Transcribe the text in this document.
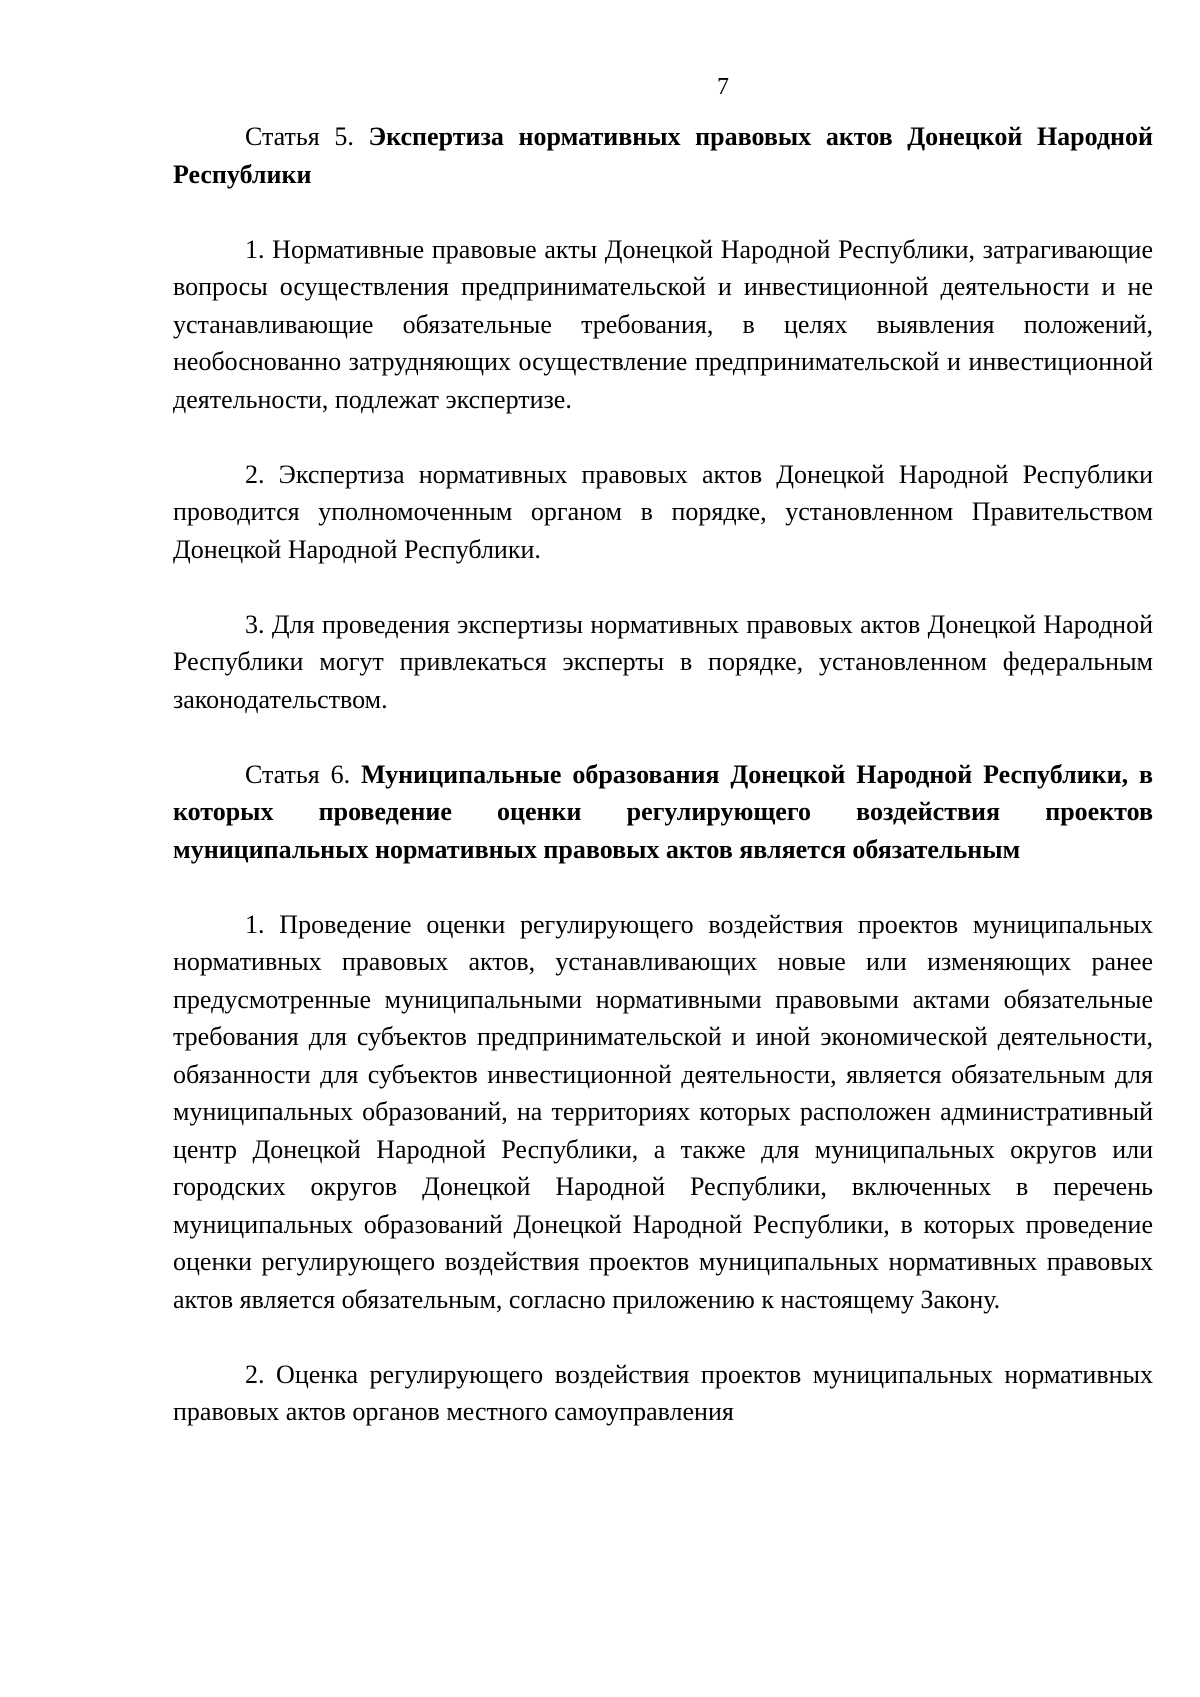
7

Статья 5. Экспертиза нормативных правовых актов Донецкой Народной Республики

1. Нормативные правовые акты Донецкой Народной Республики, затрагивающие вопросы осуществления предпринимательской и инвестиционной деятельности и не устанавливающие обязательные требования, в целях выявления положений, необоснованно затрудняющих осуществление предпринимательской и инвестиционной деятельности, подлежат экспертизе.

2. Экспертиза нормативных правовых актов Донецкой Народной Республики проводится уполномоченным органом в порядке, установленном Правительством Донецкой Народной Республики.

3. Для проведения экспертизы нормативных правовых актов Донецкой Народной Республики могут привлекаться эксперты в порядке, установленном федеральным законодательством.

Статья 6. Муниципальные образования Донецкой Народной Республики, в которых проведение оценки регулирующего воздействия проектов муниципальных нормативных правовых актов является обязательным

1. Проведение оценки регулирующего воздействия проектов муниципальных нормативных правовых актов, устанавливающих новые или изменяющих ранее предусмотренные муниципальными нормативными правовыми актами обязательные требования для субъектов предпринимательской и иной экономической деятельности, обязанности для субъектов инвестиционной деятельности, является обязательным для муниципальных образований, на территориях которых расположен административный центр Донецкой Народной Республики, а также для муниципальных округов или городских округов Донецкой Народной Республики, включенных в перечень муниципальных образований Донецкой Народной Республики, в которых проведение оценки регулирующего воздействия проектов муниципальных нормативных правовых актов является обязательным, согласно приложению к настоящему Закону.

2. Оценка регулирующего воздействия проектов муниципальных нормативных правовых актов органов местного самоуправления
